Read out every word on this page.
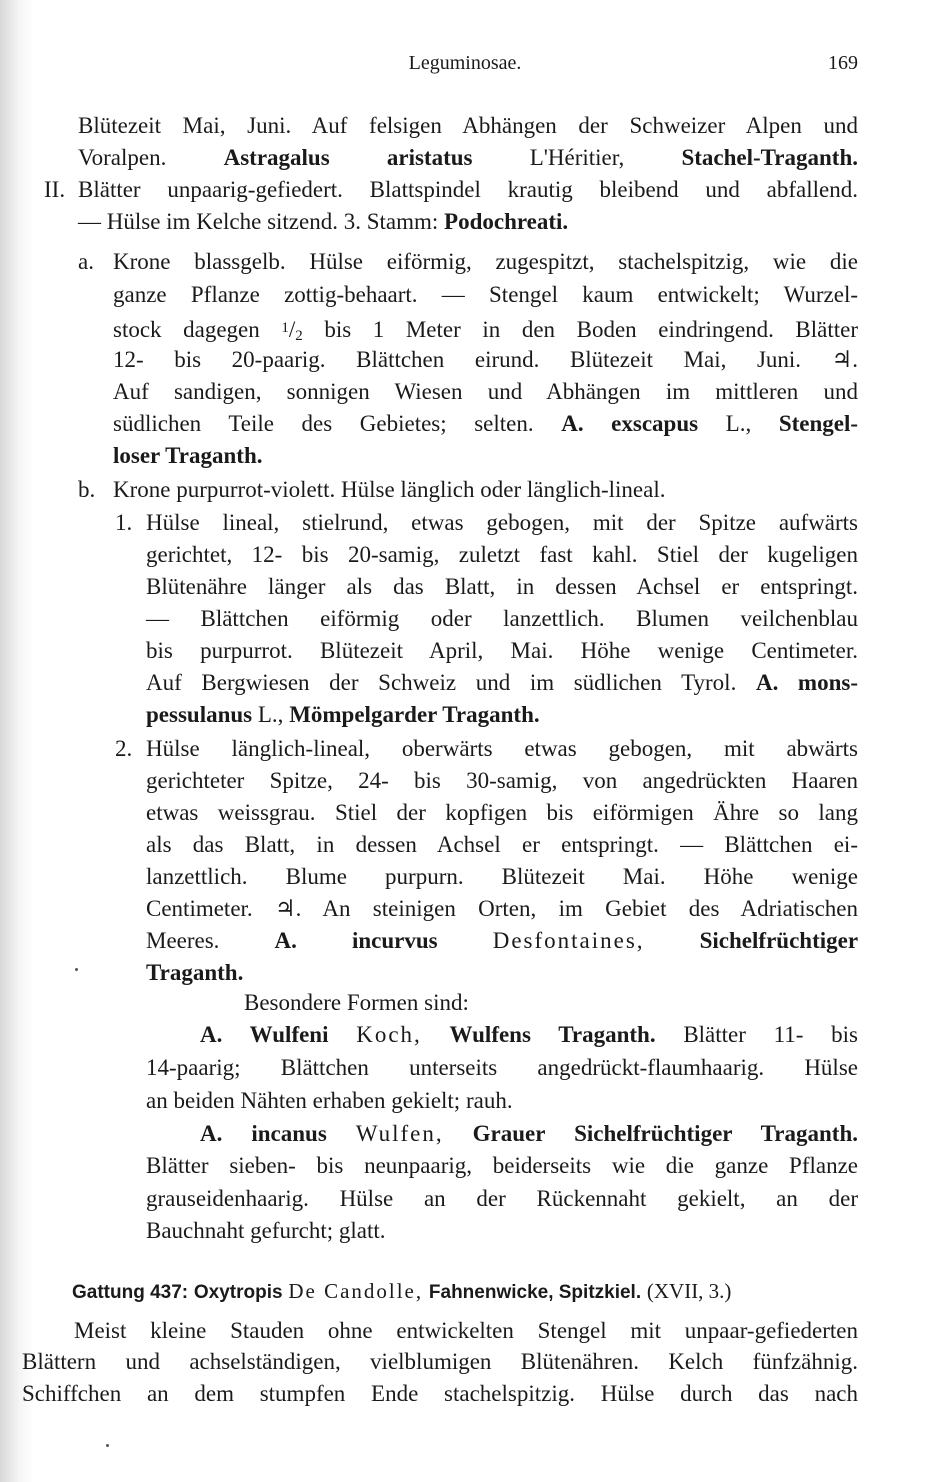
Leguminosae.	169
Blütezeit Mai, Juni. Auf felsigen Abhängen der Schweizer Alpen und
Voralpen. Astragalus aristatus L'Héritier, Stachel-Traganth.
II. Blätter unpaarig-gefiedert. Blattspindel krautig bleibend und abfallend.
— Hülse im Kelche sitzend. 3. Stamm: Podochreati.
a. Krone blassgelb. Hülse eiförmig, zugespitzt, stachelspitzig, wie die
ganze Pflanze zottig-behaart. — Stengel kaum entwickelt; Wurzel-
stock dagegen $^1/_2$ bis 1 Meter in den Boden eindringend. Blätter
12- bis 20-paarig. Blättchen eirund. Blütezeit Mai, Juni. ♃.
Auf sandigen, sonnigen Wiesen und Abhängen im mittleren und
südlichen Teile des Gebietes; selten. A. exscapus L., Stengel-
loser Traganth.
b. Krone purpurrot-violett. Hülse länglich oder länglich-lineal.
1. Hülse lineal, stielrund, etwas gebogen, mit der Spitze aufwärts
gerichtet, 12- bis 20-samig, zuletzt fast kahl. Stiel der kugeligen
Blütenähre länger als das Blatt, in dessen Achsel er entspringt.
— Blättchen eiförmig oder lanzettlich. Blumen veilchenblau
bis purpurrot. Blütezeit April, Mai. Höhe wenige Centimeter.
Auf Bergwiesen der Schweiz und im südlichen Tyrol. A. mons-
pessulanus L., Mömpelgarder Traganth.
2. Hülse länglich-lineal, oberwärts etwas gebogen, mit abwärts
gerichteter Spitze, 24- bis 30-samig, von angedrückten Haaren
etwas weissgrau. Stiel der kopfigen bis eiförmigen Ähre so lang
als das Blatt, in dessen Achsel er entspringt. — Blättchen ei-
lanzettlich. Blume purpurn. Blütezeit Mai. Höhe wenige
Centimeter. ♃. An steinigen Orten, im Gebiet des Adriatischen
Meeres. A. incurvus Desfontaines, Sichelfrüchtiger
Traganth.
Besondere Formen sind:
A. Wulfeni Koch, Wulfens Traganth. Blätter 11- bis
14-paarig; Blättchen unterseits angedrückt-flaumhaarig. Hülse
an beiden Nähten erhaben gekielt; rauh.
A. incanus Wulfen, Grauer Sichelfrüchtiger Traganth.
Blätter sieben- bis neunpaarig, beiderseits wie die ganze Pflanze
grauseidenhaarig. Hülse an der Rückennaht gekielt, an der
Bauchnaht gefurcht; glatt.
Gattung 437: Oxytropis De Candolle, Fahnenwicke, Spitzkiel. (XVII, 3.)
Meist kleine Stauden ohne entwickelten Stengel mit unpaar-gefiederten
Blättern und achselständigen, vielblumigen Blütenähren. Kelch fünfzähnig.
Schiffchen an dem stumpfen Ende stachelspitzig. Hülse durch das nach
